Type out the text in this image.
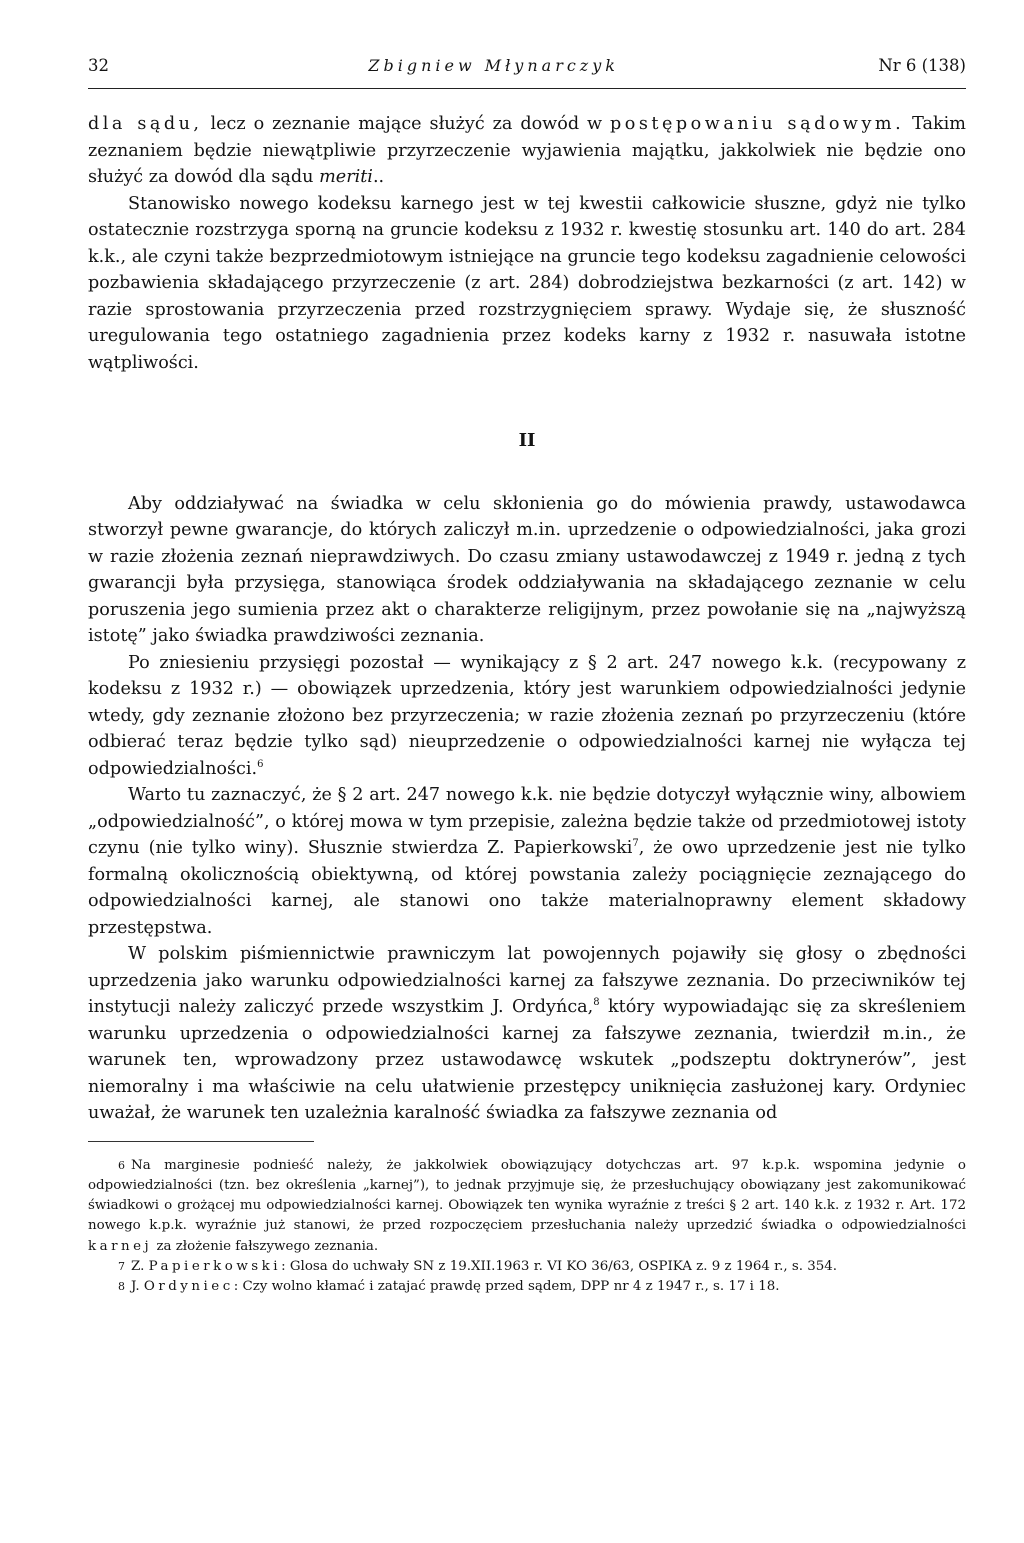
32	Zbigniew Młynarczyk	Nr 6 (138)

dla sądu, lecz o zeznanie mające służyć za dowód w postępowaniu sądowym. Takim zeznaniem będzie niewątpliwie przyrzeczenie wyjawienia majątku, jakkolwiek nie będzie ono służyć za dowód dla sądu meriti..

Stanowisko nowego kodeksu karnego jest w tej kwestii całkowicie słuszne, gdyż nie tylko ostatecznie rozstrzyga sporną na gruncie kodeksu z 1932 r. kwestię stosunku art. 140 do art. 284 k.k., ale czyni także bezprzedmiotowym istniejące na gruncie tego kodeksu zagadnienie celowości pozbawienia składającego przyrzeczenie (z art. 284) dobrodziejstwa bezkarności (z art. 142) w razie sprostowania przyrzeczenia przed rozstrzygnięciem sprawy. Wydaje się, że słuszność uregulowania tego ostatniego zagadnienia przez kodeks karny z 1932 r. nasuwała istotne wątpliwości.

II

Aby oddziaływać na świadka w celu skłonienia go do mówienia prawdy, ustawodawca stworzył pewne gwarancje, do których zaliczył m.in. uprzedzenie o odpowiedzialności, jaka grozi w razie złożenia zeznań nieprawdziwych. Do czasu zmiany ustawodawczej z 1949 r. jedną z tych gwarancji była przysięga, stanowiąca środek oddziaływania na składającego zeznanie w celu poruszenia jego sumienia przez akt o charakterze religijnym, przez powołanie się na „najwyższą istotę” jako świadka prawdziwości zeznania.

Po zniesieniu przysięgi pozostał — wynikający z § 2 art. 247 nowego k.k. (recypowany z kodeksu z 1932 r.) — obowiązek uprzedzenia, który jest warunkiem odpowiedzialności jedynie wtedy, gdy zeznanie złożono bez przyrzeczenia; w razie złożenia zeznań po przyrzeczeniu (które odbierać teraz będzie tylko sąd) nieuprzedzenie o odpowiedzialności karnej nie wyłącza tej odpowiedzialności.$^6$

Warto tu zaznaczyć, że § 2 art. 247 nowego k.k. nie będzie dotyczył wyłącznie winy, albowiem „odpowiedzialność”, o której mowa w tym przepisie, zależna będzie także od przedmiotowej istoty czynu (nie tylko winy). Słusznie stwierdza Z. Papierkowski$^7$, że owo uprzedzenie jest nie tylko formalną okolicznością obiektywną, od której powstania zależy pociągnięcie zeznającego do odpowiedzialności karnej, ale stanowi ono także materialnoprawny element składowy przestępstwa.

W polskim piśmiennictwie prawniczym lat powojennych pojawiły się głosy o zbędności uprzedzenia jako warunku odpowiedzialności karnej za fałszywe zeznania. Do przeciwników tej instytucji należy zaliczyć przede wszystkim J. Ordyńca,$^8$ który wypowiadając się za skreśleniem warunku uprzedzenia o odpowiedzialności karnej za fałszywe zeznania, twierdził m.in., że warunek ten, wprowadzony przez ustawodawcę wskutek „podszeptu doktrynerów”, jest niemoralny i ma właściwie na celu ułatwienie przestępcy uniknięcia zasłużonej kary. Ordyniec uważał, że warunek ten uzależnia karalność świadka za fałszywe zeznania od

6 Na marginesie podnieść należy, że jakkolwiek obowiązujący dotychczas art. 97 k.p.k. wspomina jedynie o odpowiedzialności (tzn. bez określenia „karnej”), to jednak przyjmuje się, że przesłuchujący obowiązany jest zakomunikować świadkowi o grożącej mu odpowiedzialności karnej. Obowiązek ten wynika wyraźnie z treści § 2 art. 140 k.k. z 1932 r. Art. 172 nowego k.p.k. wyraźnie już stanowi, że przed rozpoczęciem przesłuchania należy uprzedzić świadka o odpowiedzialności karnej za złożenie fałszywego zeznania.

7 Z. Papierkowski: Glosa do uchwały SN z 19.XII.1963 r. VI KO 36/63, OSPIKA z. 9 z 1964 r., s. 354.

8 J. Ordyniec: Czy wolno kłamać i zatajać prawdę przed sądem, DPP nr 4 z 1947 r., s. 17 i 18.
